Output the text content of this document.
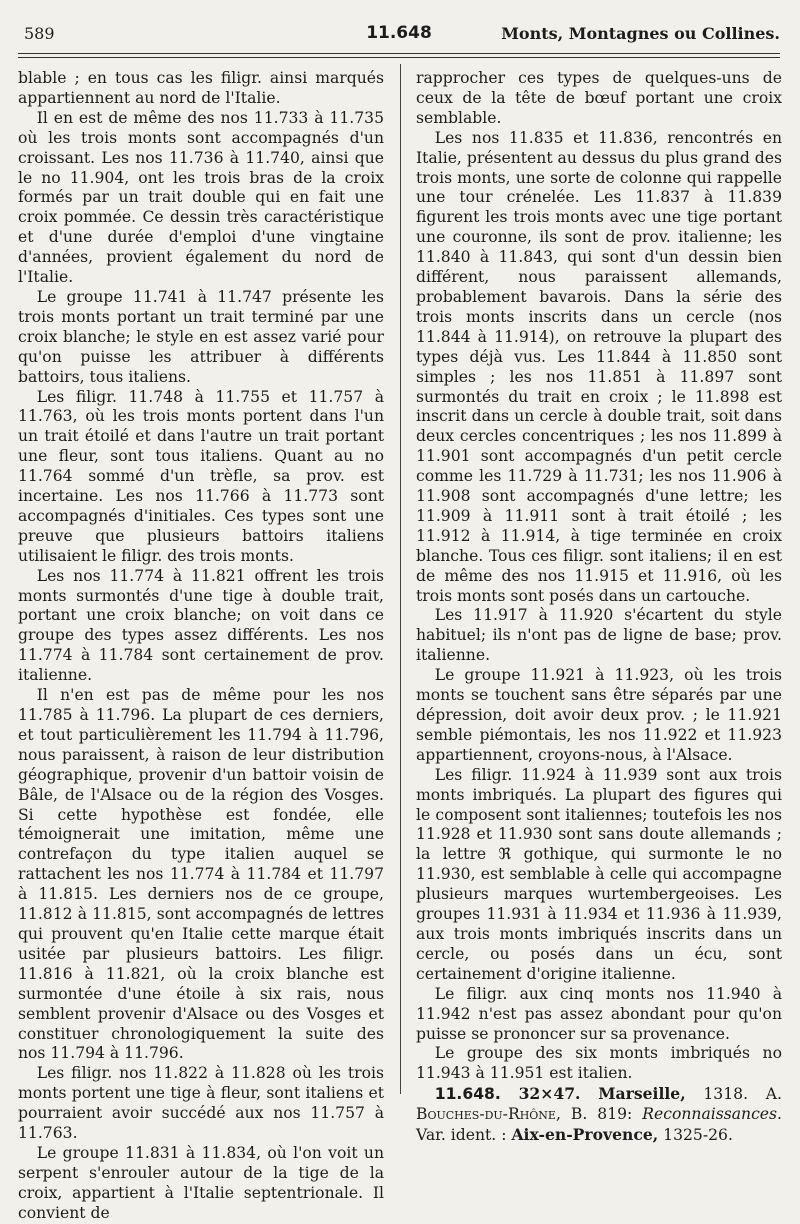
589	11.648	Monts, Montagnes ou Collines.

blable ; en tous cas les filigr. ainsi marqués appartiennent au nord de l'Italie.

Il en est de même des nos 11.733 à 11.735 où les trois monts sont accompagnés d'un croissant. Les nos 11.736 à 11.740, ainsi que le no 11.904, ont les trois bras de la croix formés par un trait double qui en fait une croix pommée. Ce dessin très caractéristique et d'une durée d'emploi d'une vingtaine d'années, provient également du nord de l'Italie.

Le groupe 11.741 à 11.747 présente les trois monts portant un trait terminé par une croix blanche; le style en est assez varié pour qu'on puisse les attribuer à différents battoirs, tous italiens.

Les filigr. 11.748 à 11.755 et 11.757 à 11.763, où les trois monts portent dans l'un un trait étoilé et dans l'autre un trait portant une fleur, sont tous italiens. Quant au no 11.764 sommé d'un trèfle, sa prov. est incertaine. Les nos 11.766 à 11.773 sont accompagnés d'initiales. Ces types sont une preuve que plusieurs battoirs italiens utilisaient le filigr. des trois monts.

Les nos 11.774 à 11.821 offrent les trois monts surmontés d'une tige à double trait, portant une croix blanche; on voit dans ce groupe des types assez différents. Les nos 11.774 à 11.784 sont certainement de prov. italienne.

Il n'en est pas de même pour les nos 11.785 à 11.796. La plupart de ces derniers, et tout particulièrement les 11.794 à 11.796, nous paraissent, à raison de leur distribution géographique, provenir d'un battoir voisin de Bâle, de l'Alsace ou de la région des Vosges. Si cette hypothèse est fondée, elle témoignerait une imitation, même une contrefaçon du type italien auquel se rattachent les nos 11.774 à 11.784 et 11.797 à 11.815. Les derniers nos de ce groupe, 11.812 à 11.815, sont accompagnés de lettres qui prouvent qu'en Italie cette marque était usitée par plusieurs battoirs. Les filigr. 11.816 à 11.821, où la croix blanche est surmontée d'une étoile à six rais, nous semblent provenir d'Alsace ou des Vosges et constituer chronologiquement la suite des nos 11.794 à 11.796.

Les filigr. nos 11.822 à 11.828 où les trois monts portent une tige à fleur, sont italiens et pourraient avoir succédé aux nos 11.757 à 11.763.

Le groupe 11.831 à 11.834, où l'on voit un serpent s'enrouler autour de la tige de la croix, appartient à l'Italie septentrionale. Il convient de

rapprocher ces types de quelques-uns de ceux de la tête de bœuf portant une croix semblable.

Les nos 11.835 et 11.836, rencontrés en Italie, présentent au dessus du plus grand des trois monts, une sorte de colonne qui rappelle une tour crénelée. Les 11.837 à 11.839 figurent les trois monts avec une tige portant une couronne, ils sont de prov. italienne; les 11.840 à 11.843, qui sont d'un dessin bien différent, nous paraissent allemands, probablement bavarois. Dans la série des trois monts inscrits dans un cercle (nos 11.844 à 11.914), on retrouve la plupart des types déjà vus. Les 11.844 à 11.850 sont simples ; les nos 11.851 à 11.897 sont surmontés du trait en croix ; le 11.898 est inscrit dans un cercle à double trait, soit dans deux cercles concentriques ; les nos 11.899 à 11.901 sont accompagnés d'un petit cercle comme les 11.729 à 11.731; les nos 11.906 à 11.908 sont accompagnés d'une lettre; les 11.909 à 11.911 sont à trait étoilé ; les 11.912 à 11.914, à tige terminée en croix blanche. Tous ces filigr. sont italiens; il en est de même des nos 11.915 et 11.916, où les trois monts sont posés dans un cartouche.

Les 11.917 à 11.920 s'écartent du style habituel; ils n'ont pas de ligne de base; prov. italienne.

Le groupe 11.921 à 11.923, où les trois monts se touchent sans être séparés par une dépression, doit avoir deux prov. ; le 11.921 semble piémontais, les nos 11.922 et 11.923 appartiennent, croyons-nous, à l'Alsace.

Les filigr. 11.924 à 11.939 sont aux trois monts imbriqués. La plupart des figures qui le composent sont italiennes; toutefois les nos 11.928 et 11.930 sont sans doute allemands ; la lettre ℜ gothique, qui surmonte le no 11.930, est semblable à celle qui accompagne plusieurs marques wurtembergeoises. Les groupes 11.931 à 11.934 et 11.936 à 11.939, aux trois monts imbriqués inscrits dans un cercle, ou posés dans un écu, sont certainement d'origine italienne.

Le filigr. aux cinq monts nos 11.940 à 11.942 n'est pas assez abondant pour qu'on puisse se prononcer sur sa provenance.

Le groupe des six monts imbriqués no 11.943 à 11.951 est italien.

11.648. 32×47. Marseille, 1318. A. Bouches-du-Rhône, B. 819: Reconnaissances. Var. ident. : Aix-en-Provence, 1325-26.
